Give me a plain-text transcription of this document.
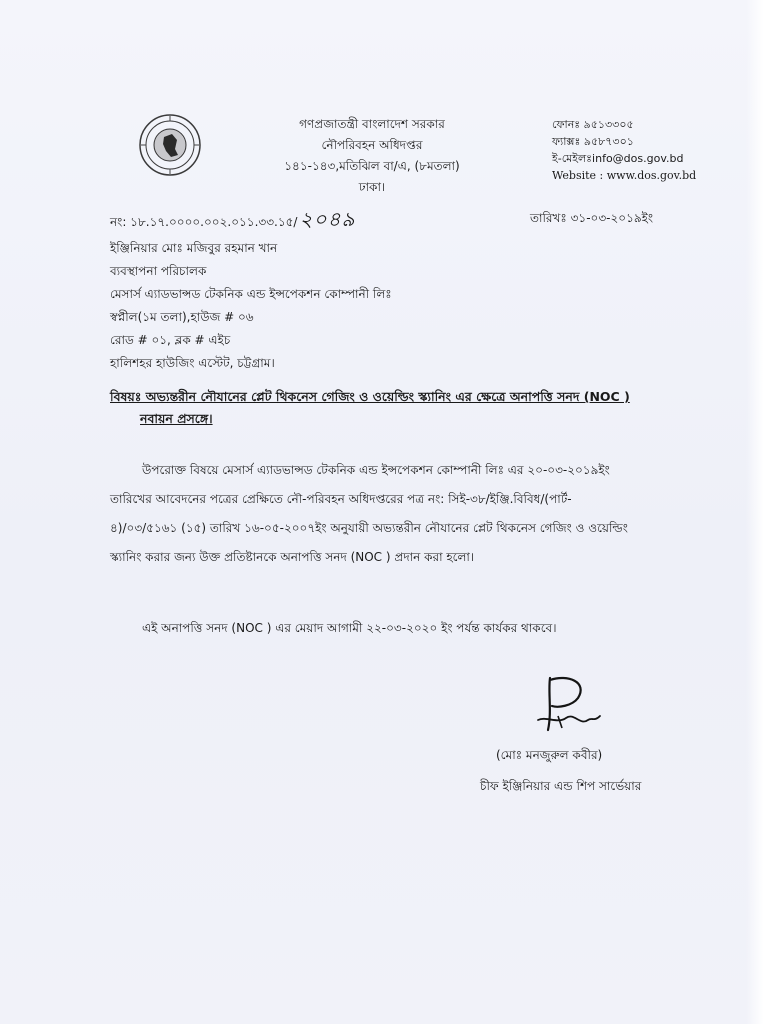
গণপ্রজাতন্ত্রী বাংলাদেশ সরকার
নৌপরিবহন অধিদপ্তর
১৪১-১৪৩,মতিঝিল বা/এ, (৮মতলা)
ঢাকা।
ফোনঃ ৯৫১৩৩০৫
ফ্যাক্সঃ ৯৫৮৭৩০১
ই-মেইলঃinfo@dos.gov.bd
Website : www.dos.gov.bd
নং: ১৮.১৭.০০০০.০০২.০১১.৩৩.১৫/ ২০৪৯	তারিখঃ ৩১-০৩-২০১৯ইং
ইঞ্জিনিয়ার মোঃ মজিবুর রহমান খান
ব্যবস্থাপনা পরিচালক
মেসার্স এ্যাডভান্সড টেকনিক এন্ড ইন্সপেকশন কোম্পানী লিঃ
স্বপ্নীল(১ম তলা),হাউজ # ০৬
রোড # ০১, ব্লক # এইচ
হালিশহর হাউজিং এস্টেট, চট্টগ্রাম।
বিষয়ঃ অভ্যন্তরীন নৌযানের প্লেট থিকনেস গেজিং ও ওয়েল্ডিং স্ক্যানিং এর ক্ষেত্রে অনাপত্তি সনদ (NOC )
নবায়ন প্রসঙ্গে।
উপরোক্ত বিষয়ে মেসার্স এ্যাডভান্সড টেকনিক এন্ড ইন্সপেকশন কোম্পানী লিঃ এর ২০-০৩-২০১৯ইং
তারিখের আবেদনের পত্রের প্রেক্ষিতে নৌ-পরিবহন অধিদপ্তরের পত্র নং: সিই-৩৮/ইঞ্জি.বিবিধ/(পার্ট-
৪)/০৩/৫১৬১ (১৫) তারিখ ১৬-০৫-২০০৭ইং অনুযায়ী অভ্যন্তরীন নৌযানের প্লেট থিকনেস গেজিং ও ওয়েল্ডিং
স্ক্যানিং করার জন্য উক্ত প্রতিষ্টানকে অনাপত্তি সনদ (NOC ) প্রদান করা হলো।
এই অনাপত্তি সনদ (NOC ) এর মেয়াদ আগামী ২২-০৩-২০২০ ইং পর্যন্ত কার্যকর থাকবে।
(মোঃ মনজুরুল কবীর)
চীফ ইঞ্জিনিয়ার এন্ড শিপ সার্ভেয়ার
